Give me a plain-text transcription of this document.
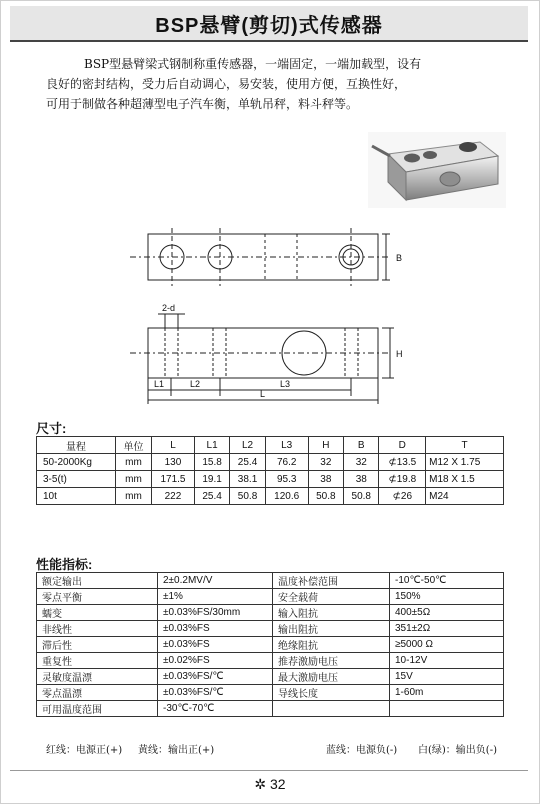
BSP悬臂(剪切)式传感器

BSP型悬臂梁式钢制称重传感器，一端固定，一端加载型，设有

良好的密封结构，受力后自动调心，易安装，使用方便，互换性好，

可用于制做各种超薄型电子汽车衡，单轨吊秤，料斗秤等。

B
H
2-d
L1	L2	L3
L
尺寸:
量程	单位	L	L1	L2	L3	H	B	D	T
50-2000Kg	mm	130	15.8	25.4	76.2	32	32	⊄13.5	M12 X 1.75
3-5(t)	mm	171.5	19.1	38.1	95.3	38	38	⊄19.8	M18 X 1.5
10t	mm	222	25.4	50.8	120.6	50.8	50.8	⊄26	M24
性能指标:
额定输出	2±0.2MV/V	温度补偿范围	-10℃-50℃
零点平衡	±1%	安全载荷	150%
蠕变	±0.03%FS/30mm	输入阻抗	400±5Ω
非线性	±0.03%FS	输出阻抗	351±2Ω
滞后性	±0.03%FS	绝缘阻抗	≥5000 Ω
重复性	±0.02%FS	推荐激励电压	10-12V
灵敏度温漂	±0.03%FS/℃	最大激励电压	15V
零点温漂	±0.03%FS/℃	导线长度	1-60m
可用温度范围	-30℃-70℃		
红线：电源正(+) 黄线：输出正(+)	蓝线：电源负(-) 白(绿)：输出负(-)
✲ 32
